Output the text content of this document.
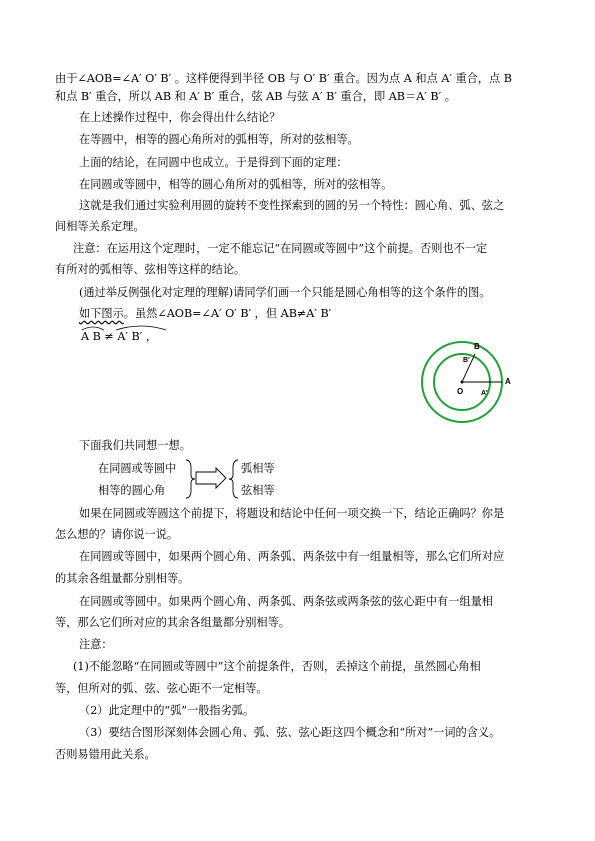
由于∠AOB=∠A′ O′ B′ 。这样便得到半径 OB 与 O′ B′ 重合。因为点 A 和点 A′ 重合，点 B
和点 B′ 重合，所以 AB 和 A′ B′ 重合，弦 AB 与弦 A′ B′ 重合，即 AB＝A′ B′ 。
在上述操作过程中，你会得出什么结论？
在等圆中，相等的圆心角所对的弧相等，所对的弦相等。
上面的结论，在同圆中也成立。于是得到下面的定理：
在同圆或等圆中，相等的圆心角所对的弧相等，所对的弦相等。
这就是我们通过实验利用圆的旋转不变性探索到的圆的另一个特性：圆心角、弧、弦之
间相等关系定理。
注意：在运用这个定理时，一定不能忘记“在同圆或等圆中”这个前提。否则也不一定
有所对的弧相等、弦相等这样的结论。
(通过举反例强化对定理的理解)请同学们画一个只能是圆心角相等的这个条件的图。
如下图示。虽然∠AOB=∠A′ O′ B′ ，但 AB≠A′ B′
A B ≠ A′ B′ ，
B
B'
A
A'
O
下面我们共同想一想。
在同圆或等圆中
相等的圆心角
弧相等
弦相等
如果在同圆或等圆这个前提下，将题设和结论中任何一项交换一下，结论正确吗？你是
怎么想的？请你说一说。
在同圆或等圆中，如果两个圆心角、两条弧、两条弦中有一组量相等，那么它们所对应
的其余各组量都分别相等。
在同圆或等圆中。如果两个圆心角、两条弧、两条弦或两条弦的弦心距中有一组量相
等，那么它们所对应的其余各组量都分别相等。
注意：
(1)不能忽略“在同圆或等圆中”这个前提条件，否则，丢掉这个前提，虽然圆心角相
等，但所对的弧、弦、弦心距不一定相等。
（2）此定理中的“弧”一般指劣弧。
（3）要结合图形深刻体会圆心角、弧、弦、弦心距这四个概念和“所对”一词的含义。
否则易错用此关系。
